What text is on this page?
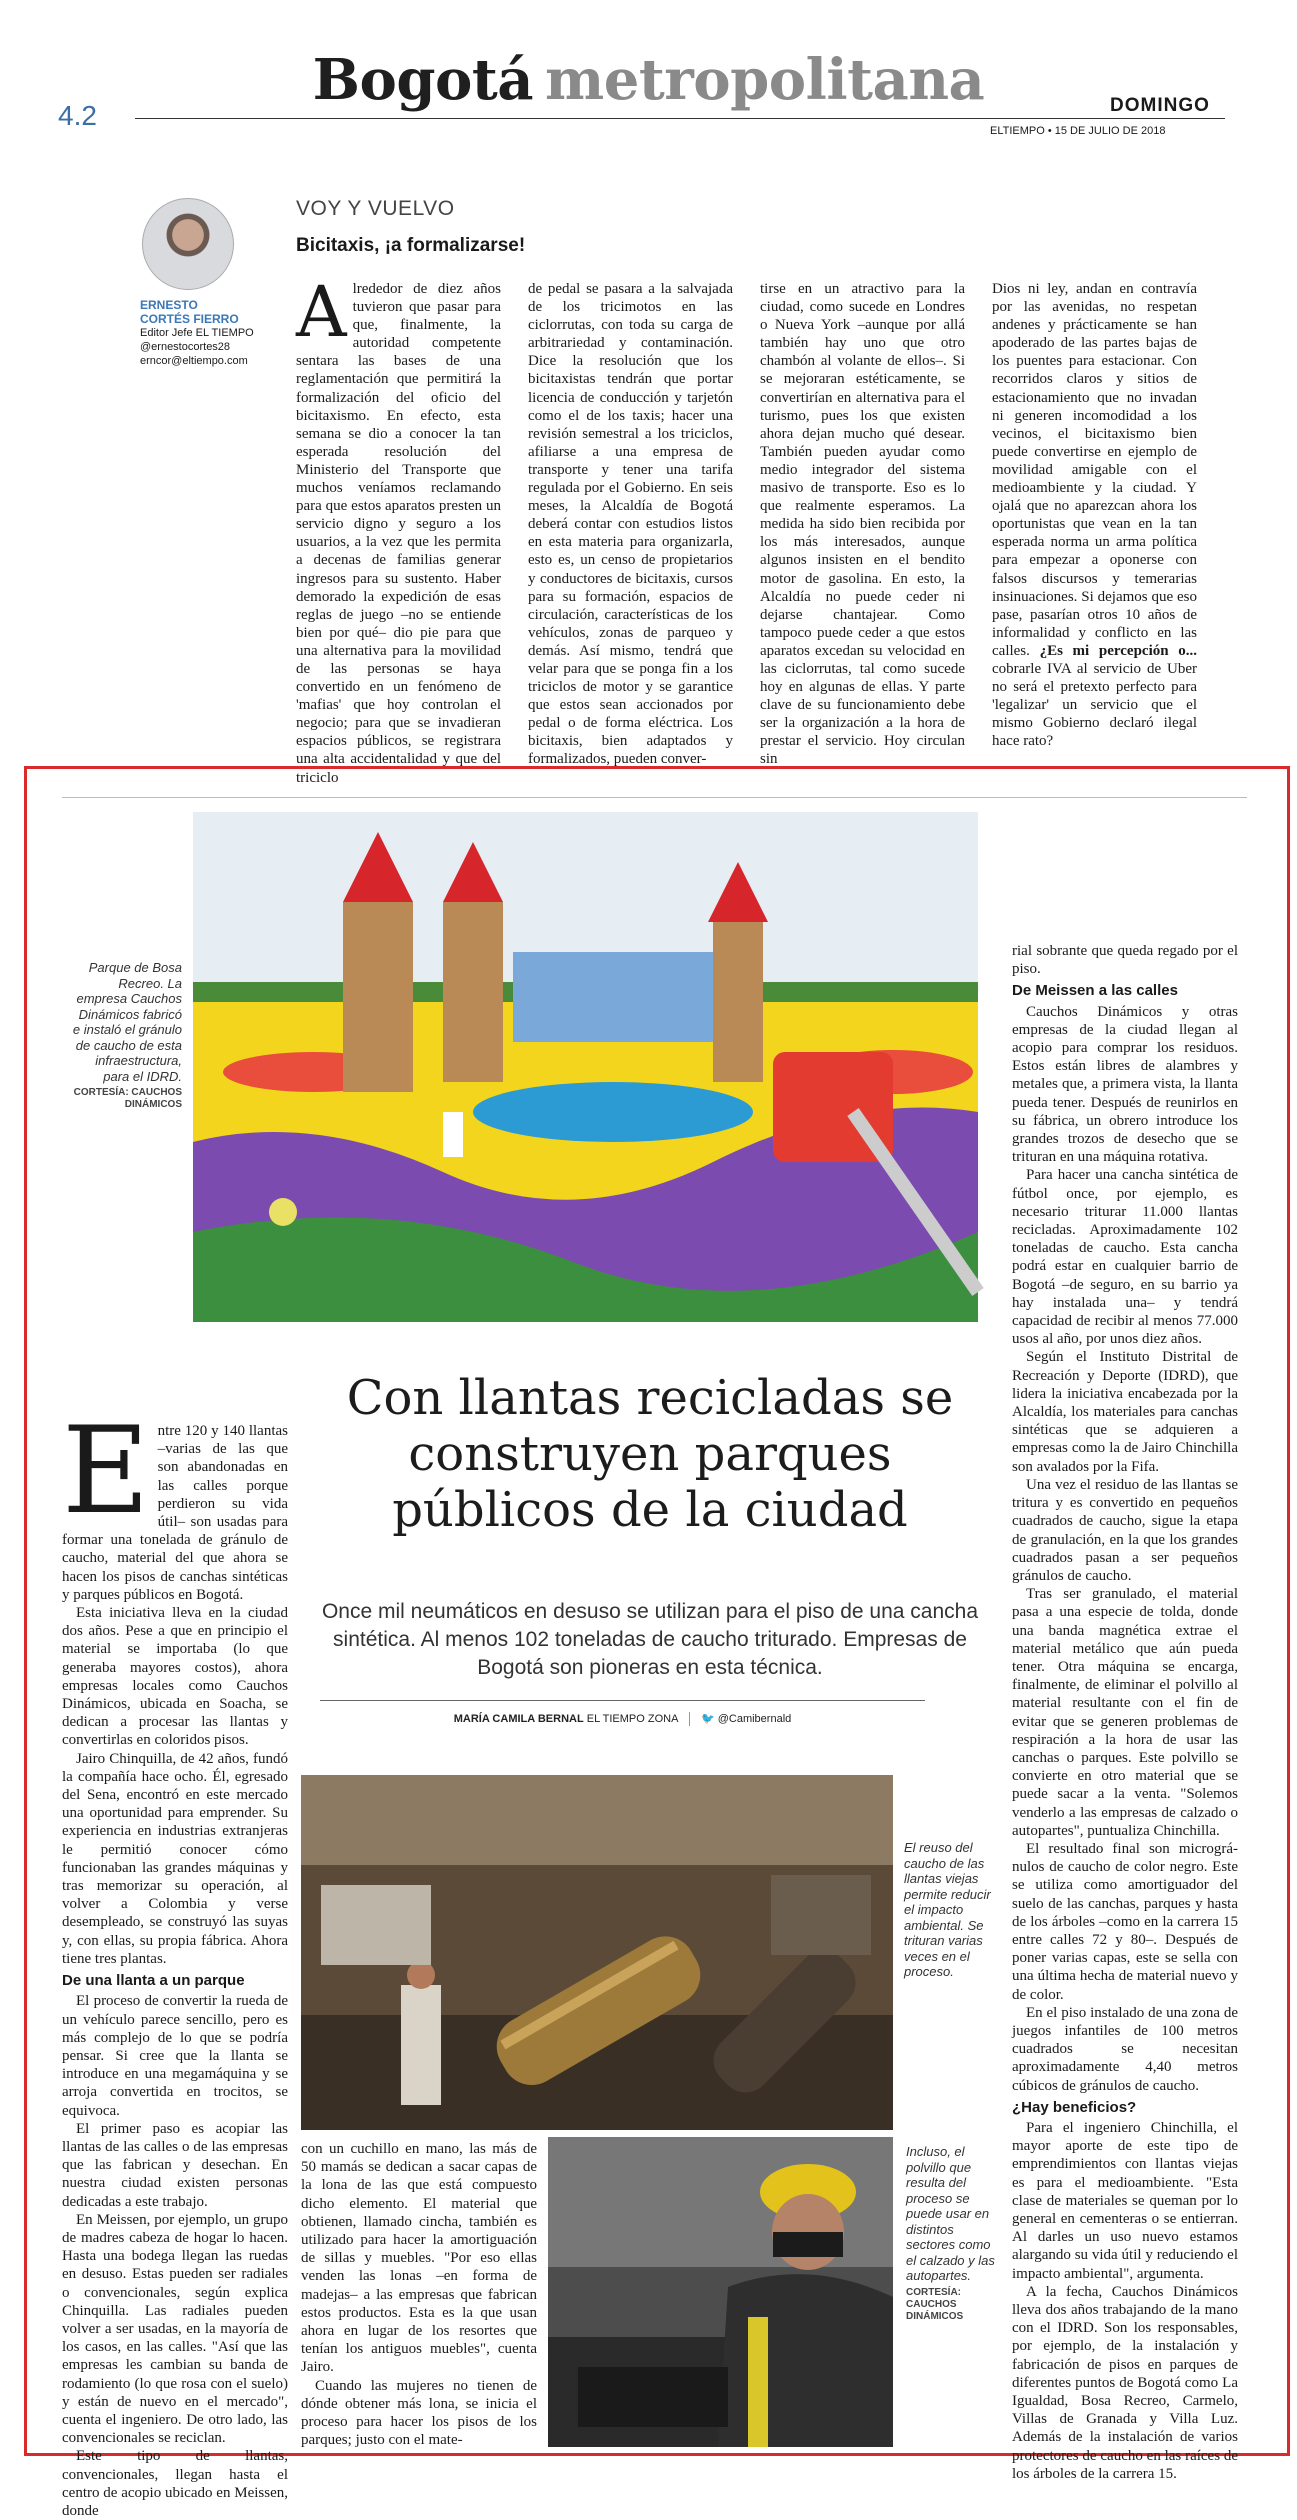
Bogotá metropolitana
4.2	DOMINGO
ELTIEMPO • 15 DE JULIO DE 2018
ERNESTO
CORTÉS FIERRO
Editor Jefe EL TIEMPO
@ernestocortes28
erncor@eltiempo.com
VOY Y VUELVO
Bicitaxis, ¡a formalizarse!
A lrededor de diez años tuvieron que pasar para que, finalmente, la autoridad competente sentara las bases de una reglamentación que permitirá la formalización del oficio del bicitaxismo. En efecto, esta semana se dio a conocer la tan esperada resolución del Ministerio del Transporte que muchos veníamos reclamando para que estos aparatos presten un servicio digno y seguro a los usuarios, a la vez que les permita a decenas de familias generar ingresos para su sustento. Haber demorado la expedición de esas reglas de juego –no se entiende bien por qué– dio pie para que una alternativa para la movilidad de las personas se haya convertido en un fenómeno de 'mafias' que hoy controlan el negocio; para que se invadieran espacios públicos, se registrara una alta accidentalidad y que del triciclo
de pedal se pasara a la salvajada de los tricimotos en las ciclorrutas, con toda su carga de arbitrariedad y contaminación. Dice la resolución que los bicitaxistas tendrán que portar licencia de conducción y tarjetón como el de los taxis; hacer una revisión semestral a los triciclos, afiliarse a una empresa de transporte y tener una tarifa regulada por el Gobierno. En seis meses, la Alcaldía de Bogotá deberá contar con estudios listos en esta materia para organizarla, esto es, un censo de propietarios y conductores de bicitaxis, cursos para su formación, espacios de circulación, características de los vehículos, zonas de parqueo y demás. Así mismo, tendrá que velar para que se ponga fin a los triciclos de motor y se garantice que estos sean accionados por pedal o de forma eléctrica. Los bicitaxis, bien adaptados y formalizados, pueden conver-
tirse en un atractivo para la ciudad, como sucede en Londres o Nueva York –aunque por allá también hay uno que otro chambón al volante de ellos–. Si se mejoraran estéticamente, se convertirían en alternativa para el turismo, pues los que existen ahora dejan mucho qué desear. También pueden ayudar como medio integrador del sistema masivo de transporte. Eso es lo que realmente esperamos. La medida ha sido bien recibida por los más interesados, aunque algunos insisten en el bendito motor de gasolina. En esto, la Alcaldía no puede ceder ni dejarse chantajear. Como tampoco puede ceder a que estos aparatos excedan su velocidad en las ciclorrutas, tal como sucede hoy en algunas de ellas. Y parte clave de su funcionamiento debe ser la organización a la hora de prestar el servicio. Hoy circulan sin
Dios ni ley, andan en contravía por las avenidas, no respetan andenes y prácticamente se han apoderado de las partes bajas de los puentes para estacionar. Con recorridos claros y sitios de estacionamiento que no invadan ni generen incomodidad a los vecinos, el bicitaxismo bien puede convertirse en ejemplo de movilidad amigable con el medioambiente y la ciudad. Y ojalá que no aparezcan ahora los oportunistas que vean en la tan esperada norma un arma política para empezar a oponerse con falsos discursos y temerarias insinuaciones. Si dejamos que eso pase, pasarían otros 10 años de informalidad y conflicto en las calles. ¿Es mi percepción o... cobrarle IVA al servicio de Uber no será el pretexto perfecto para 'legalizar' un servicio que el mismo Gobierno declaró ilegal hace rato?
Parque de Bosa Recreo. La empresa Cauchos Dinámicos fabricó e instaló el gránulo de caucho de esta infraestructura, para el IDRD.
CORTESÍA: CAUCHOS DINÁMICOS
Con llantas recicladas se construyen parques públicos de la ciudad
Once mil neumáticos en desuso se utilizan para el piso de una cancha sintética. Al menos 102 toneladas de caucho triturado. Empresas de Bogotá son pioneras en esta técnica.
MARÍA CAMILA BERNAL EL TIEMPO ZONA 🐦 @Camibernald
El reuso del caucho de las llantas viejas permite reducir el impacto ambiental. Se trituran varias veces en el proceso.
Incluso, el polvillo que resulta del proceso se puede usar en distintos sectores como el calzado y las autopartes.
CORTESÍA: CAUCHOS DINÁMICOS
E ntre 120 y 140 llantas –varias de las que son abandonadas en las calles porque perdieron su vida útil– son usadas para formar una tonelada de gránulo de caucho, material del que ahora se hacen los pisos de canchas sintéticas y parques públicos en Bogotá.

Esta iniciativa lleva en la ciudad dos años. Pese a que en principio el material se importaba (lo que generaba mayores costos), ahora empresas locales como Cauchos Dinámicos, ubicada en Soacha, se dedican a procesar las llantas y convertirlas en coloridos pisos.

Jairo Chinquilla, de 42 años, fundó la compañía hace ocho. Él, egresado del Sena, encontró en este mercado una oportunidad para emprender. Su experiencia en industrias extranjeras le permitió conocer cómo funcionaban las grandes máquinas y tras memorizar su operación, al volver a Colombia y verse desempleado, se construyó las suyas y, con ellas, su propia fábrica. Ahora tiene tres plantas.

De una llanta a un parque

El proceso de convertir la rueda de un vehículo parece sencillo, pero es más complejo de lo que se podría pensar. Si cree que la llanta se introduce en una megamáquina y se arroja convertida en trocitos, se equivoca.

El primer paso es acopiar las llantas de las calles o de las empresas que las fabrican y desechan. En nuestra ciudad existen personas dedicadas a este trabajo.

En Meissen, por ejemplo, un grupo de madres cabeza de hogar lo hacen. Hasta una bodega llegan las ruedas en desuso. Estas pueden ser radiales o convencionales, según explica Chinquilla. Las radiales pueden volver a ser usadas, en la mayoría de los casos, en las calles. "Así que las empresas les cambian su banda de rodamiento (lo que rosa con el suelo) y están de nuevo en el mercado", cuenta el ingeniero. De otro lado, las convencionales se reciclan.

Este tipo de llantas, convencionales, llegan hasta el centro de acopio ubicado en Meissen, donde

con un cuchillo en mano, las más de 50 mamás se dedican a sacar capas de la lona de las que está compuesto dicho elemento. El material que obtienen, llamado cincha, también es utilizado para hacer la amortiguación de sillas y muebles. "Por eso ellas venden las lonas –en forma de madejas– a las empresas que fabrican estos productos. Esta es la que usan ahora en lugar de los resortes que tenían los antiguos muebles", cuenta Jairo.

Cuando las mujeres no tienen de dónde obtener más lona, se inicia el proceso para hacer los pisos de los parques; justo con el mate-

rial sobrante que queda regado por el piso.

De Meissen a las calles

Cauchos Dinámicos y otras empresas de la ciudad llegan al acopio para comprar los residuos. Estos están libres de alambres y metales que, a primera vista, la llanta pueda tener. Después de reunirlos en su fábrica, un obrero introduce los grandes trozos de desecho que se trituran en una máquina rotativa.

Para hacer una cancha sintética de fútbol once, por ejemplo, es necesario triturar 11.000 llantas recicladas. Aproximadamente 102 toneladas de caucho. Esta cancha podrá estar en cualquier barrio de Bogotá –de seguro, en su barrio ya hay instalada una– y tendrá capacidad de recibir al menos 77.000 usos al año, por unos diez años.

Según el Instituto Distrital de Recreación y Deporte (IDRD), que lidera la iniciativa encabezada por la Alcaldía, los materiales para canchas sintéticas que se adquieren a empresas como la de Jairo Chinchilla son avalados por la Fifa.

Una vez el residuo de las llantas se tritura y es convertido en pequeños cuadrados de caucho, sigue la etapa de granulación, en la que los grandes cuadrados pasan a ser pequeños gránulos de caucho.

Tras ser granulado, el material pasa a una especie de tolda, donde una banda magnética extrae el material metálico que aún pueda tener. Otra máquina se encarga, finalmente, de eliminar el polvillo al material resultante con el fin de evitar que se generen problemas de respiración a la hora de usar las canchas o parques. Este polvillo se convierte en otro material que se puede sacar a la venta. "Solemos venderlo a las empresas de calzado o autopartes", puntualiza Chinchilla.

El resultado final son micrográ- nulos de caucho de color negro. Este se utiliza como amortiguador del suelo de las canchas, parques y hasta de los árboles –como en la carrera 15 entre calles 72 y 80–. Después de poner varias capas, este se sella con una última hecha de material nuevo y de color.

En el piso instalado de una zona de juegos infantiles de 100 metros cuadrados se necesitan aproximadamente 4,40 metros cúbicos de gránulos de caucho.

¿Hay beneficios?

Para el ingeniero Chinchilla, el mayor aporte de este tipo de emprendimientos con llantas viejas es para el medioambiente. "Esta clase de materiales se queman por lo general en cementeras o se entierran. Al darles un uso nuevo estamos alargando su vida útil y reduciendo el impacto ambiental", argumenta.

A la fecha, Cauchos Dinámicos lleva dos años trabajando de la mano con el IDRD. Son los responsables, por ejemplo, de la instalación y fabricación de pisos en parques de diferentes puntos de Bogotá como La Igualdad, Bosa Recreo, Carmelo, Villas de Granada y Villa Luz. Además de la instalación de varios protectores de caucho en las raíces de los árboles de la carrera 15.
